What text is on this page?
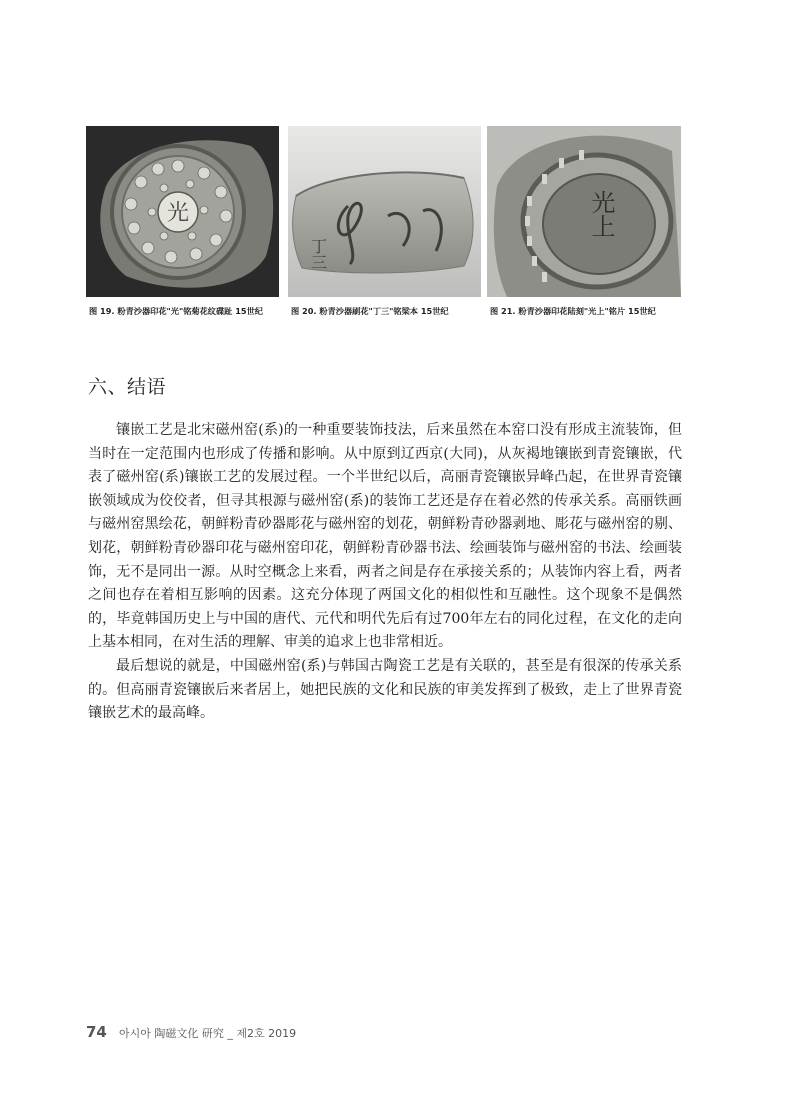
光
图 19. 粉青沙器印花"光"铭菊花纹碟趾 15世纪
丁三
图 20. 粉青沙器刷花"丁三"铭梁本 15世纪
光上
图 21. 粉青沙器印花陆刻"光上"铭片 15世纪
六、结语

镶嵌工艺是北宋磁州窑(系)的一种重要装饰技法，后来虽然在本窑口没有形成主流装饰，但当时在一定范围内也形成了传播和影响。从中原到辽西京(大同)，从灰褐地镶嵌到青瓷镶嵌，代表了磁州窑(系)镶嵌工艺的发展过程。一个半世纪以后，高丽青瓷镶嵌异峰凸起，在世界青瓷镶嵌领域成为佼佼者，但寻其根源与磁州窑(系)的装饰工艺还是存在着必然的传承关系。高丽铁画与磁州窑黑绘花，朝鲜粉青砂器彫花与磁州窑的划花，朝鲜粉青砂器剥地、彫花与磁州窑的剔、划花，朝鲜粉青砂器印花与磁州窑印花，朝鲜粉青砂器书法、绘画装饰与磁州窑的书法、绘画装饰，无不是同出一源。从时空概念上来看，两者之间是存在承接关系的；从装饰内容上看，两者之间也存在着相互影响的因素。这充分体现了两国文化的相似性和互融性。这个现象不是偶然的，毕竟韩国历史上与中国的唐代、元代和明代先后有过700年左右的同化过程，在文化的走向上基本相同，在对生活的理解、审美的追求上也非常相近。

最后想说的就是，中国磁州窑(系)与韩国古陶瓷工艺是有关联的，甚至是有很深的传承关系的。但高丽青瓷镶嵌后来者居上，她把民族的文化和民族的审美发挥到了极致，走上了世界青瓷镶嵌艺术的最高峰。

74 아시아 陶磁文化 研究 _ 제2호 2019
